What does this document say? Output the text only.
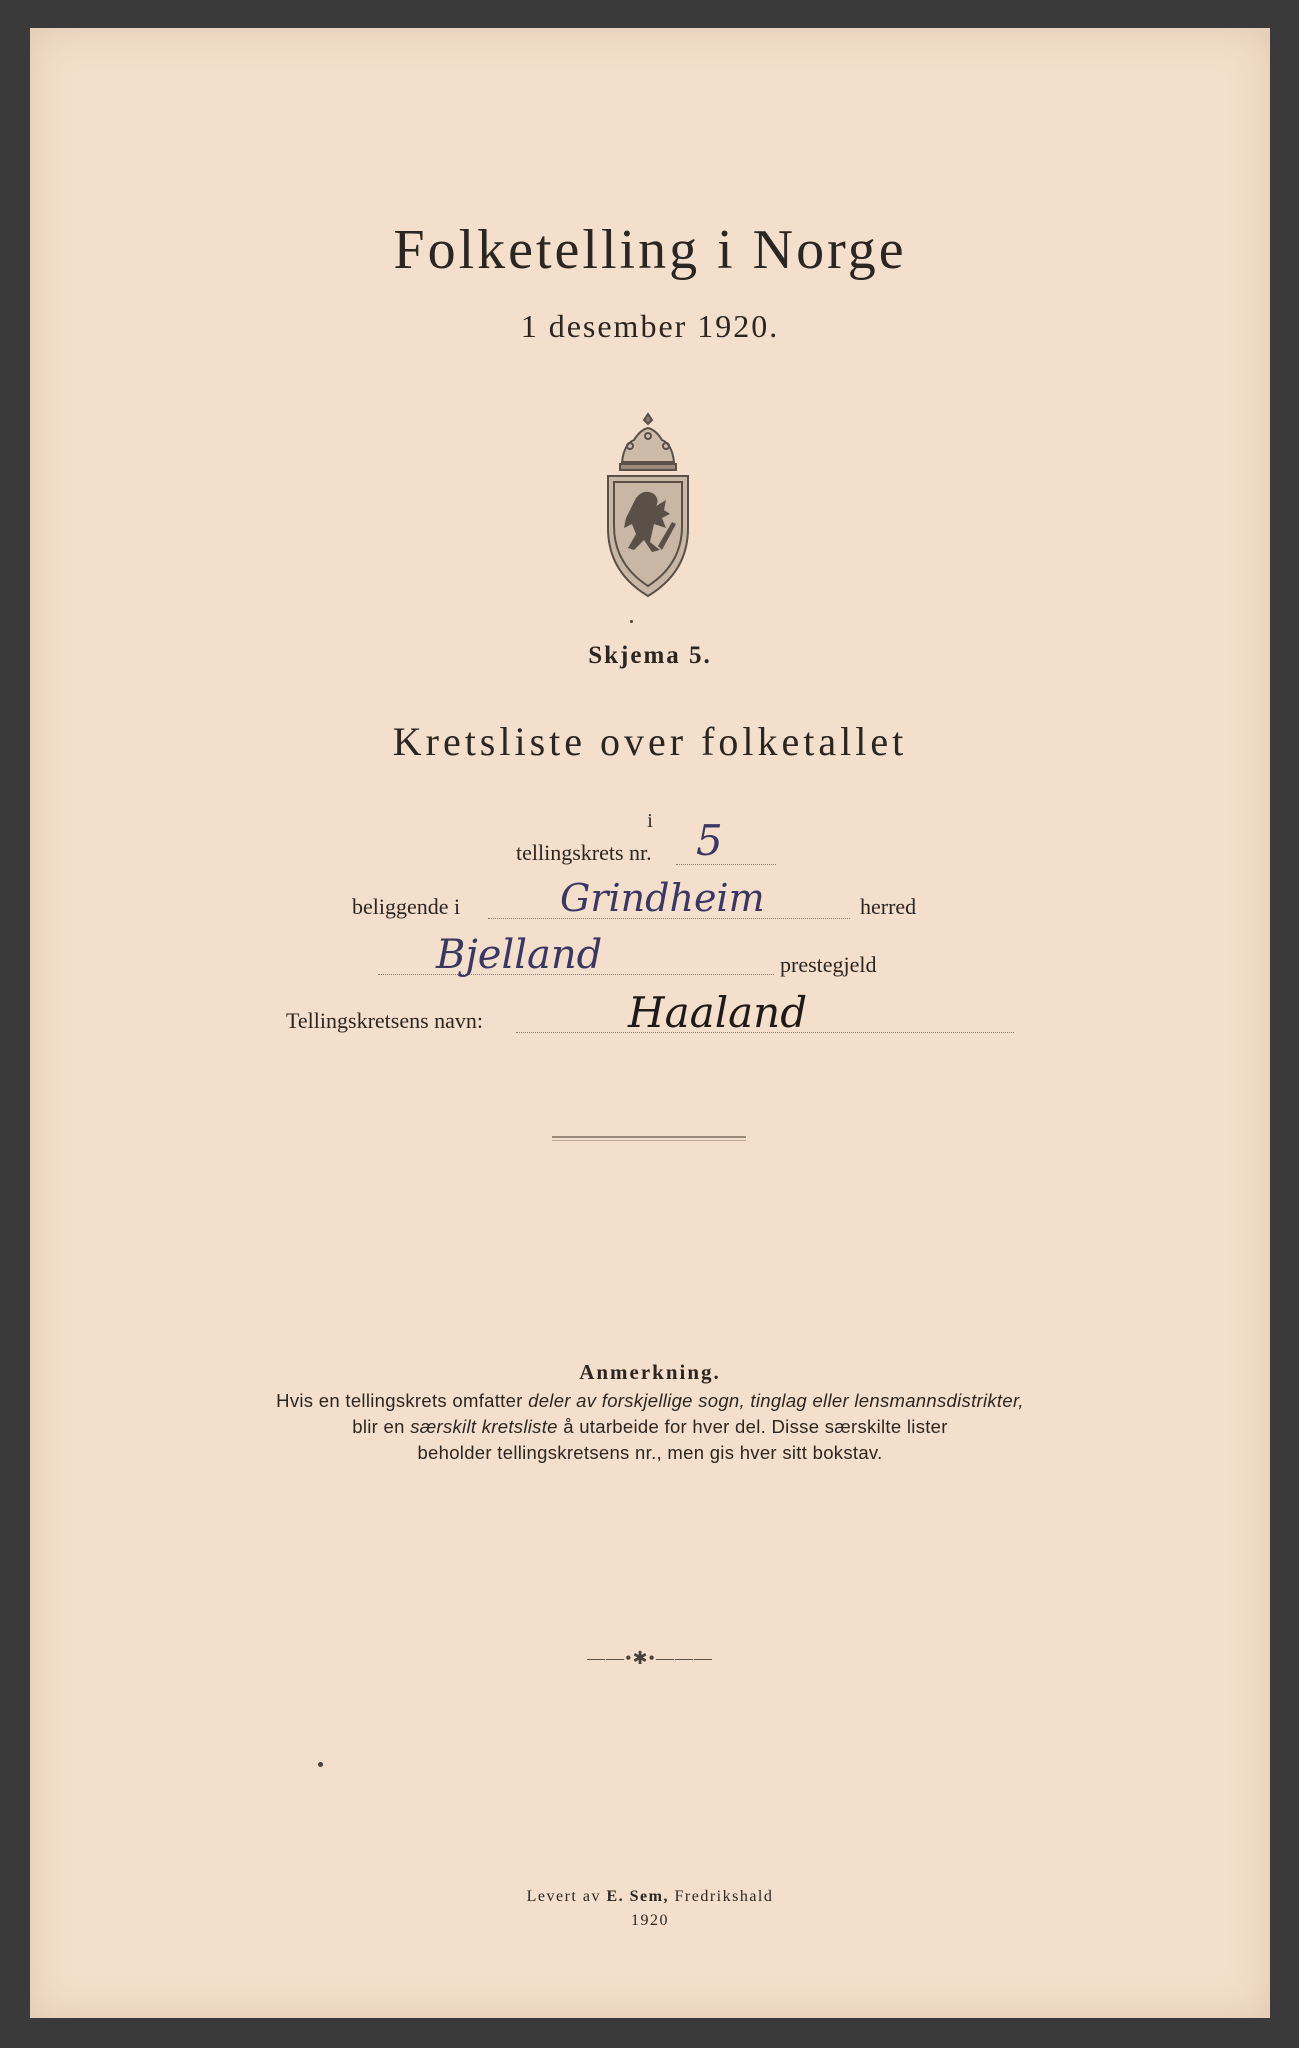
Folketelling i Norge
1 desember 1920.
Skjema 5.
Kretsliste over folketallet
i
tellingskrets nr. 5
beliggende i	Grindheim	herred
Bjelland	prestegjeld
Tellingskretsens navn:	Haaland
Anmerkning.
Hvis en tellingskrets omfatter deler av forskjellige sogn, tinglag eller lensmannsdistrikter,
blir en særskilt kretsliste å utarbeide for hver del. Disse særskilte lister
beholder tellingskretsens nr., men gis hver sitt bokstav.
——•✱•———
Levert av E. Sem, Fredrikshald
1920
